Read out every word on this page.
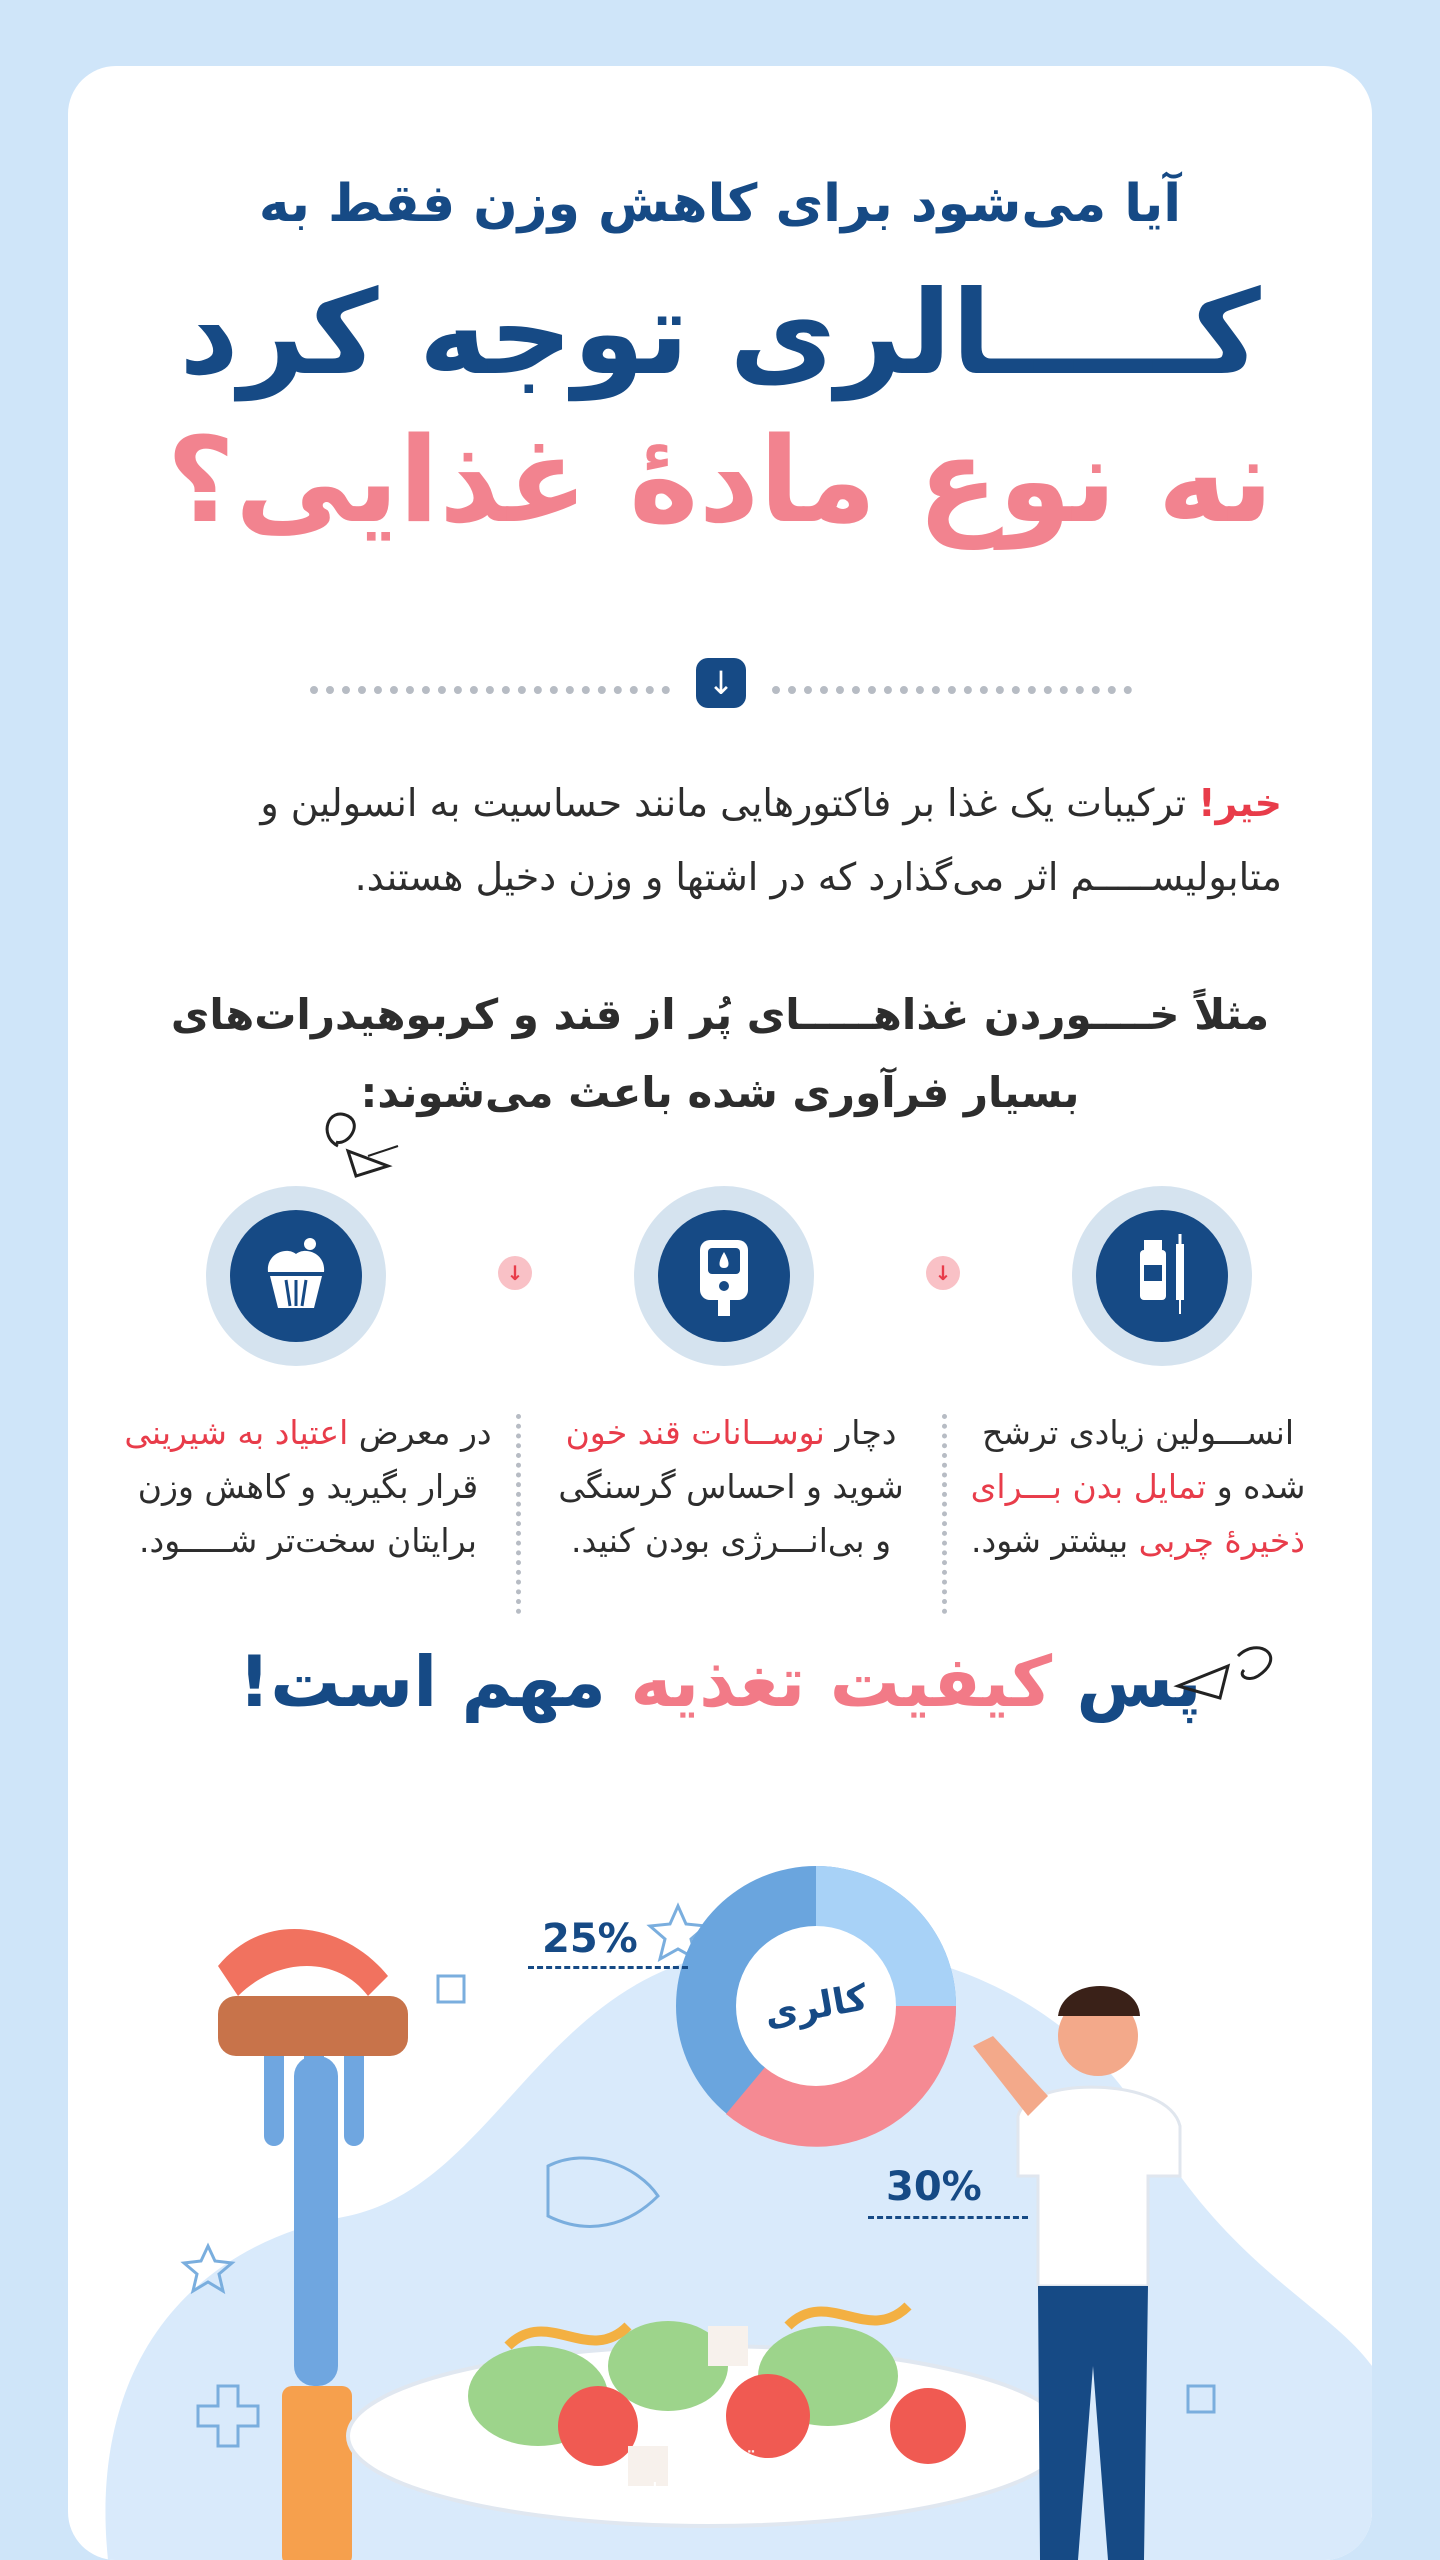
آیا می‌شود برای کاهش وزن فقط به
کـــــالری توجه کرد
نه نوع مادۀ غذایی؟
↓
خیر! ترکیبات یک غذا بر فاکتورهایی مانند حساسیت به انسولین و متابولیســـــم اثر می‌گذارد که در اشتها و وزن دخیل هستند.
مثلاً خــــوردن غذاهـــــای پُر از قند و کربوهیدرات‌های
بسیار فرآوری شده باعث می‌شوند:
↓
↓
انســـولین زیادی ترشح شده و تمایل بدن بـــرای ذخیرۀ چربی بیشتر شود.
دچار نوســانات قند خون شوید و احساس گرسنگی و بی‌انـــرژی بودن کنید.
در معرض اعتیاد به شیرینی قرار بگیرید و کاهش وزن برایتان سخت‌تر شـــــود.
پس کیفیت تغذیه مهم است!
کالری
25%
30%
تبیان
@TebyanOnline
